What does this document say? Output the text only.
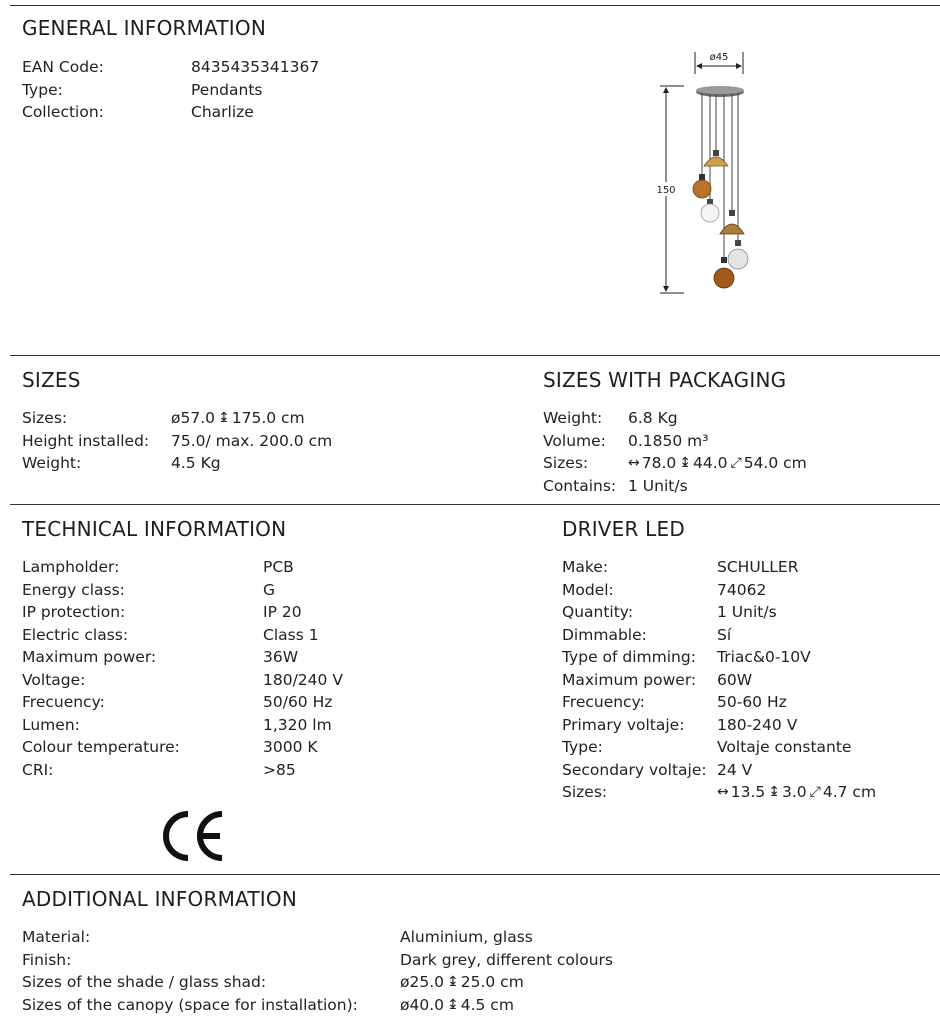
GENERAL INFORMATION
EAN Code:	8435435341367
Type:	Pendants
Collection:	Charlize
ø45
150
SIZES
Sizes:	ø57.0 ↨ 175.0 cm
Height installed:	75.0/ max. 200.0 cm
Weight:	4.5 Kg
SIZES WITH PACKAGING
Weight:	6.8 Kg
Volume:	0.1850 m³
Sizes:	↔ 78.0 ↨ 44.0 ⤢ 54.0 cm
Contains: 1 Unit/s
TECHNICAL INFORMATION
Lampholder:	PCB
Energy class:	G
IP protection:	IP 20
Electric class:	Class 1
Maximum power:	36W
Voltage:	180/240 V
Frecuency:	50/60 Hz
Lumen:	1,320 lm
Colour temperature:	3000 K
CRI:	>85
DRIVER LED
Make:	SCHULLER
Model:	74062
Quantity:	1 Unit/s
Dimmable:	Sí
Type of dimming:	Triac&0-10V
Maximum power:	60W
Frecuency:	50-60 Hz
Primary voltaje:	180-240 V
Type:	Voltaje constante
Secondary voltaje: 24 V
Sizes:	↔ 13.5 ↨ 3.0 ⤢ 4.7 cm
ADDITIONAL INFORMATION
Material:	Aluminium, glass
Finish:	Dark grey, different colours
Sizes of the shade / glass shad:	ø25.0 ↨ 25.0 cm
Sizes of the canopy (space for installation):	ø40.0 ↨ 4.5 cm
